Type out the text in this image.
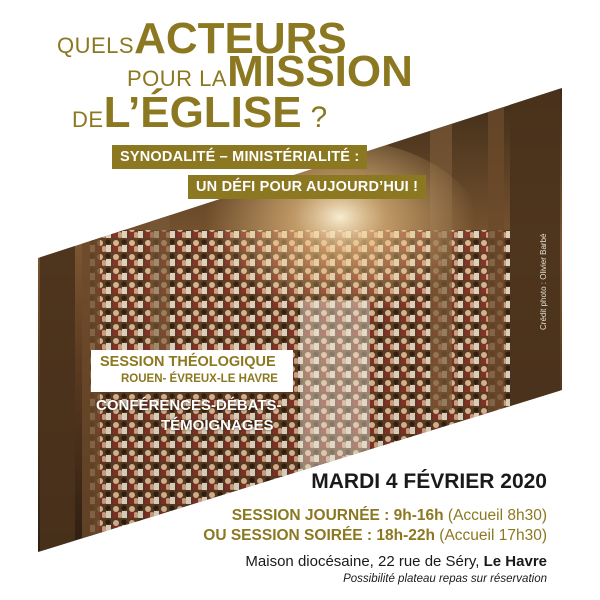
Crédit photo : Olivier Barbé
QUELSACTEURS
POUR LAMISSION
DEL’ÉGLISE ?
SYNODALITÉ – MINISTÉRIALITÉ :
UN DÉFI POUR AUJOURD’HUI !
SESSION THÉOLOGIQUE
ROUEN- ÉVREUX-LE HAVRE
CONFÉRENCES-DÉBATS-
TÉMOIGNAGES
MARDI 4 FÉVRIER 2020
SESSION JOURNÉE : 9h-16h (Accueil 8h30)
OU SESSION SOIRÉE : 18h-22h (Accueil 17h30)
Maison diocésaine, 22 rue de Séry, Le Havre
Possibilité plateau repas sur réservation
